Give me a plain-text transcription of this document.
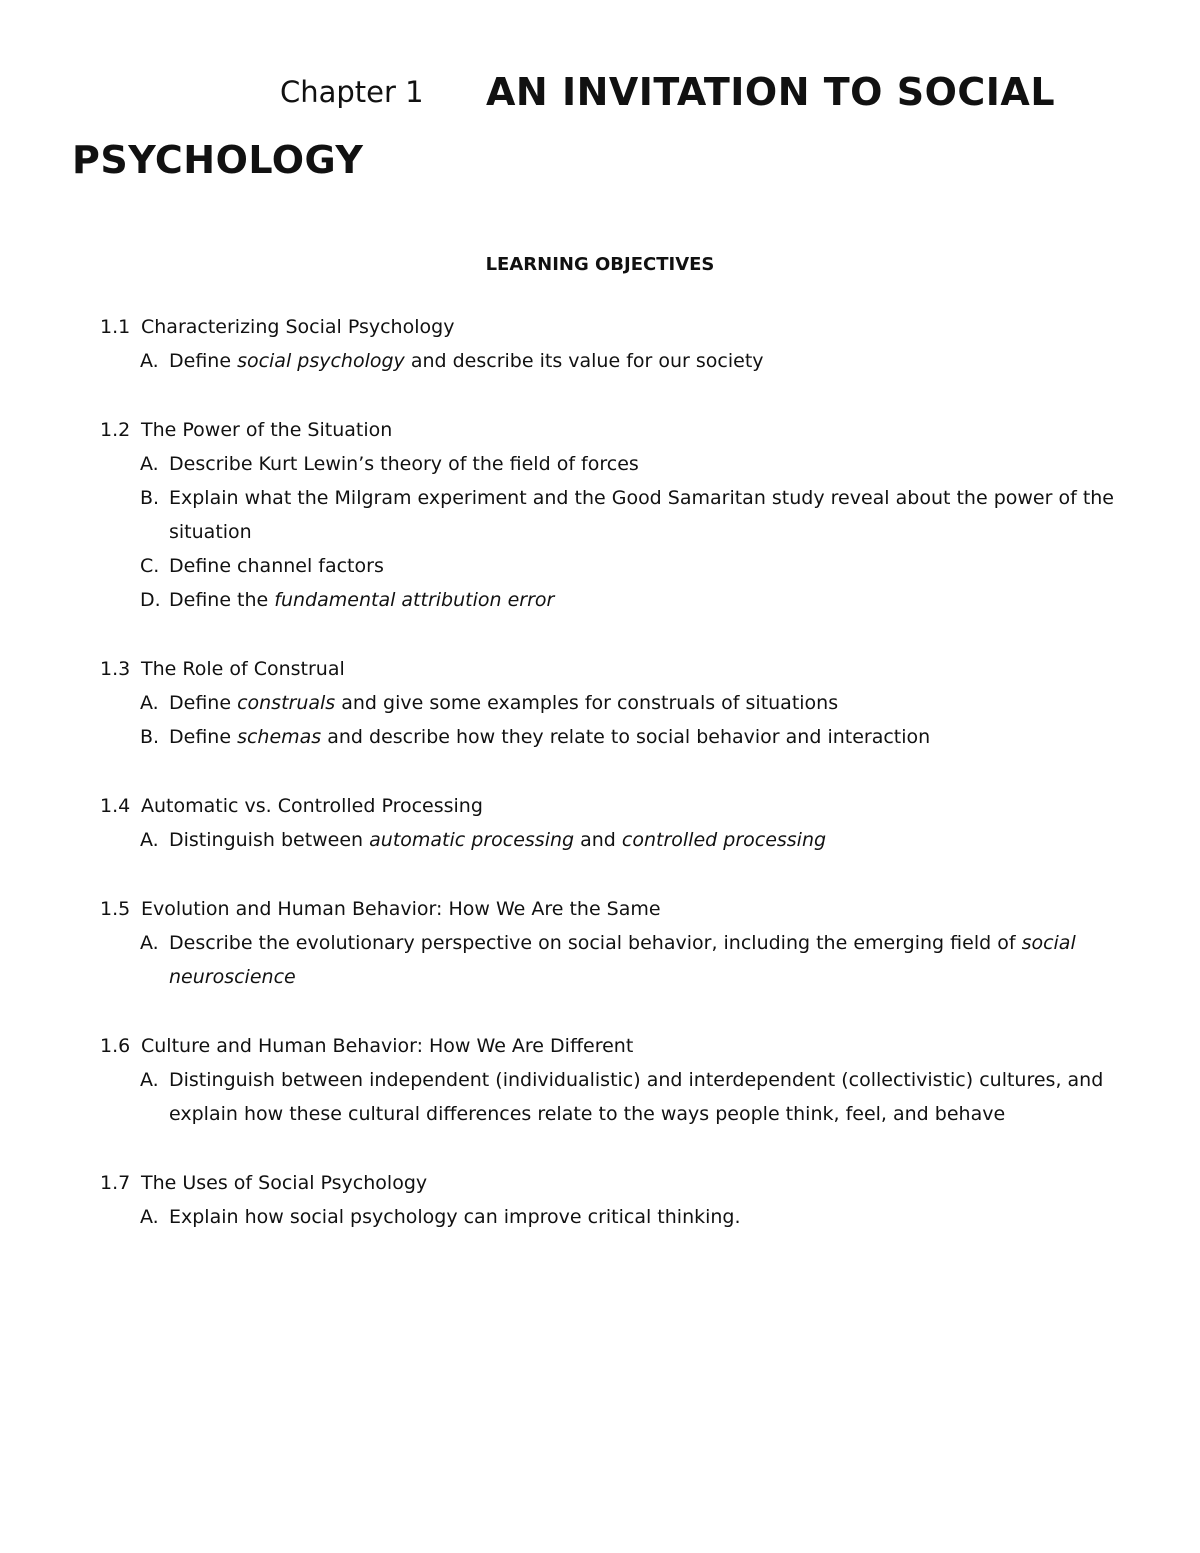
Chapter 1 AN INVITATION TO SOCIAL
PSYCHOLOGY
LEARNING OBJECTIVES
1.1 Characterizing Social Psychology
A. Define social psychology and describe its value for our society
1.2 The Power of the Situation
A. Describe Kurt Lewin’s theory of the field of forces
B. Explain what the Milgram experiment and the Good Samaritan study reveal about the power of the situation
C. Define channel factors
D. Define the fundamental attribution error
1.3 The Role of Construal
A. Define construals and give some examples for construals of situations
B. Define schemas and describe how they relate to social behavior and interaction
1.4 Automatic vs. Controlled Processing
A. Distinguish between automatic processing and controlled processing
1.5 Evolution and Human Behavior: How We Are the Same
A. Describe the evolutionary perspective on social behavior, including the emerging field of social neuroscience
1.6 Culture and Human Behavior: How We Are Different
A. Distinguish between independent (individualistic) and interdependent (collectivistic) cultures, and explain how these cultural differences relate to the ways people think, feel, and behave
1.7 The Uses of Social Psychology
A. Explain how social psychology can improve critical thinking.
